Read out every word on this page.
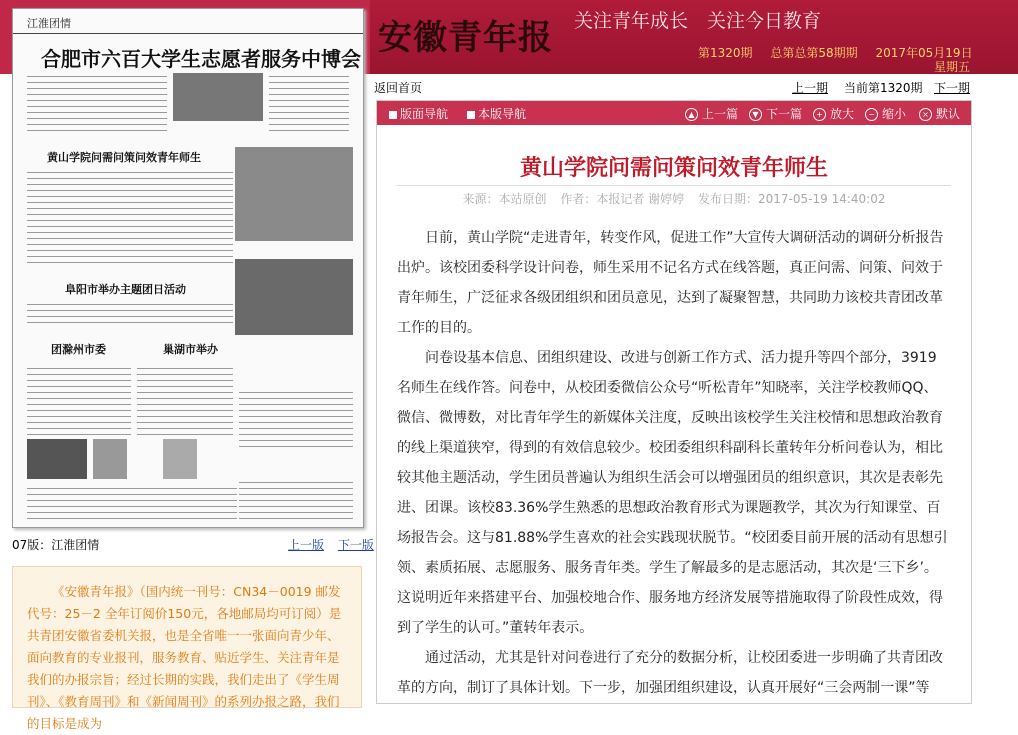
安徽青年报 关注青年成长　关注今日教育
第1320期 总第总第58期期 2017年05月19日
星期五
返回首页	上一期 当前第1320期 下一期
江淮团情
合肥市六百大学生志愿者服务中博会
黄山学院问需问策问效青年师生
阜阳市举办主题团日活动
团滁州市委	巢湖市举办
07版：江淮团情	上一版 下一版
《安徽青年报》（国内统一刊号：CN34－0019 邮发代号：25－2 全年订阅价150元，各地邮局均可订阅）是共青团安徽省委机关报，也是全省唯一一张面向青少年、面向教育的专业报刊，服务教育、贴近学生、关注青年是我们的办报宗旨；经过长期的实践，我们走出了《学生周刊》、《教育周刊》和《新闻周刊》的系列办报之路，我们的目标是成为
版面导航	本版导航	▲ 上一篇	▼ 下一篇	+ 放大	− 缩小	× 默认
黄山学院问需问策问效青年师生
来源：本站原创 作者：本报记者 谢婷婷 发布日期：2017-05-19 14:40:02

日前，黄山学院“走进青年，转变作风，促进工作”大宣传大调研活动的调研分析报告出炉。该校团委科学设计问卷，师生采用不记名方式在线答题，真正问需、问策、问效于青年师生，广泛征求各级团组织和团员意见，达到了凝聚智慧，共同助力该校共青团改革工作的目的。

问卷设基本信息、团组织建设、改进与创新工作方式、活力提升等四个部分，3919名师生在线作答。问卷中，从校团委微信公众号“听松青年”知晓率，关注学校教师QQ、微信、微博数，对比青年学生的新媒体关注度，反映出该校学生关注校情和思想政治教育的线上渠道狭窄，得到的有效信息较少。校团委组织科副科长董转年分析问卷认为，相比较其他主题活动，学生团员普遍认为组织生活会可以增强团员的组织意识，其次是表彰先进、团课。该校83.36%学生熟悉的思想政治教育形式为课题教学，其次为行知课堂、百场报告会。这与81.88%学生喜欢的社会实践现状脱节。“校团委目前开展的活动有思想引领、素质拓展、志愿服务、服务青年类。学生了解最多的是志愿活动，其次是‘三下乡’。这说明近年来搭建平台、加强校地合作、服务地方经济发展等措施取得了阶段性成效，得到了学生的认可。”董转年表示。

通过活动，尤其是针对问卷进行了充分的数据分析，让校团委进一步明确了共青团改革的方向，制订了具体计划。下一步，加强团组织建设，认真开展好“三会两制一课”等
